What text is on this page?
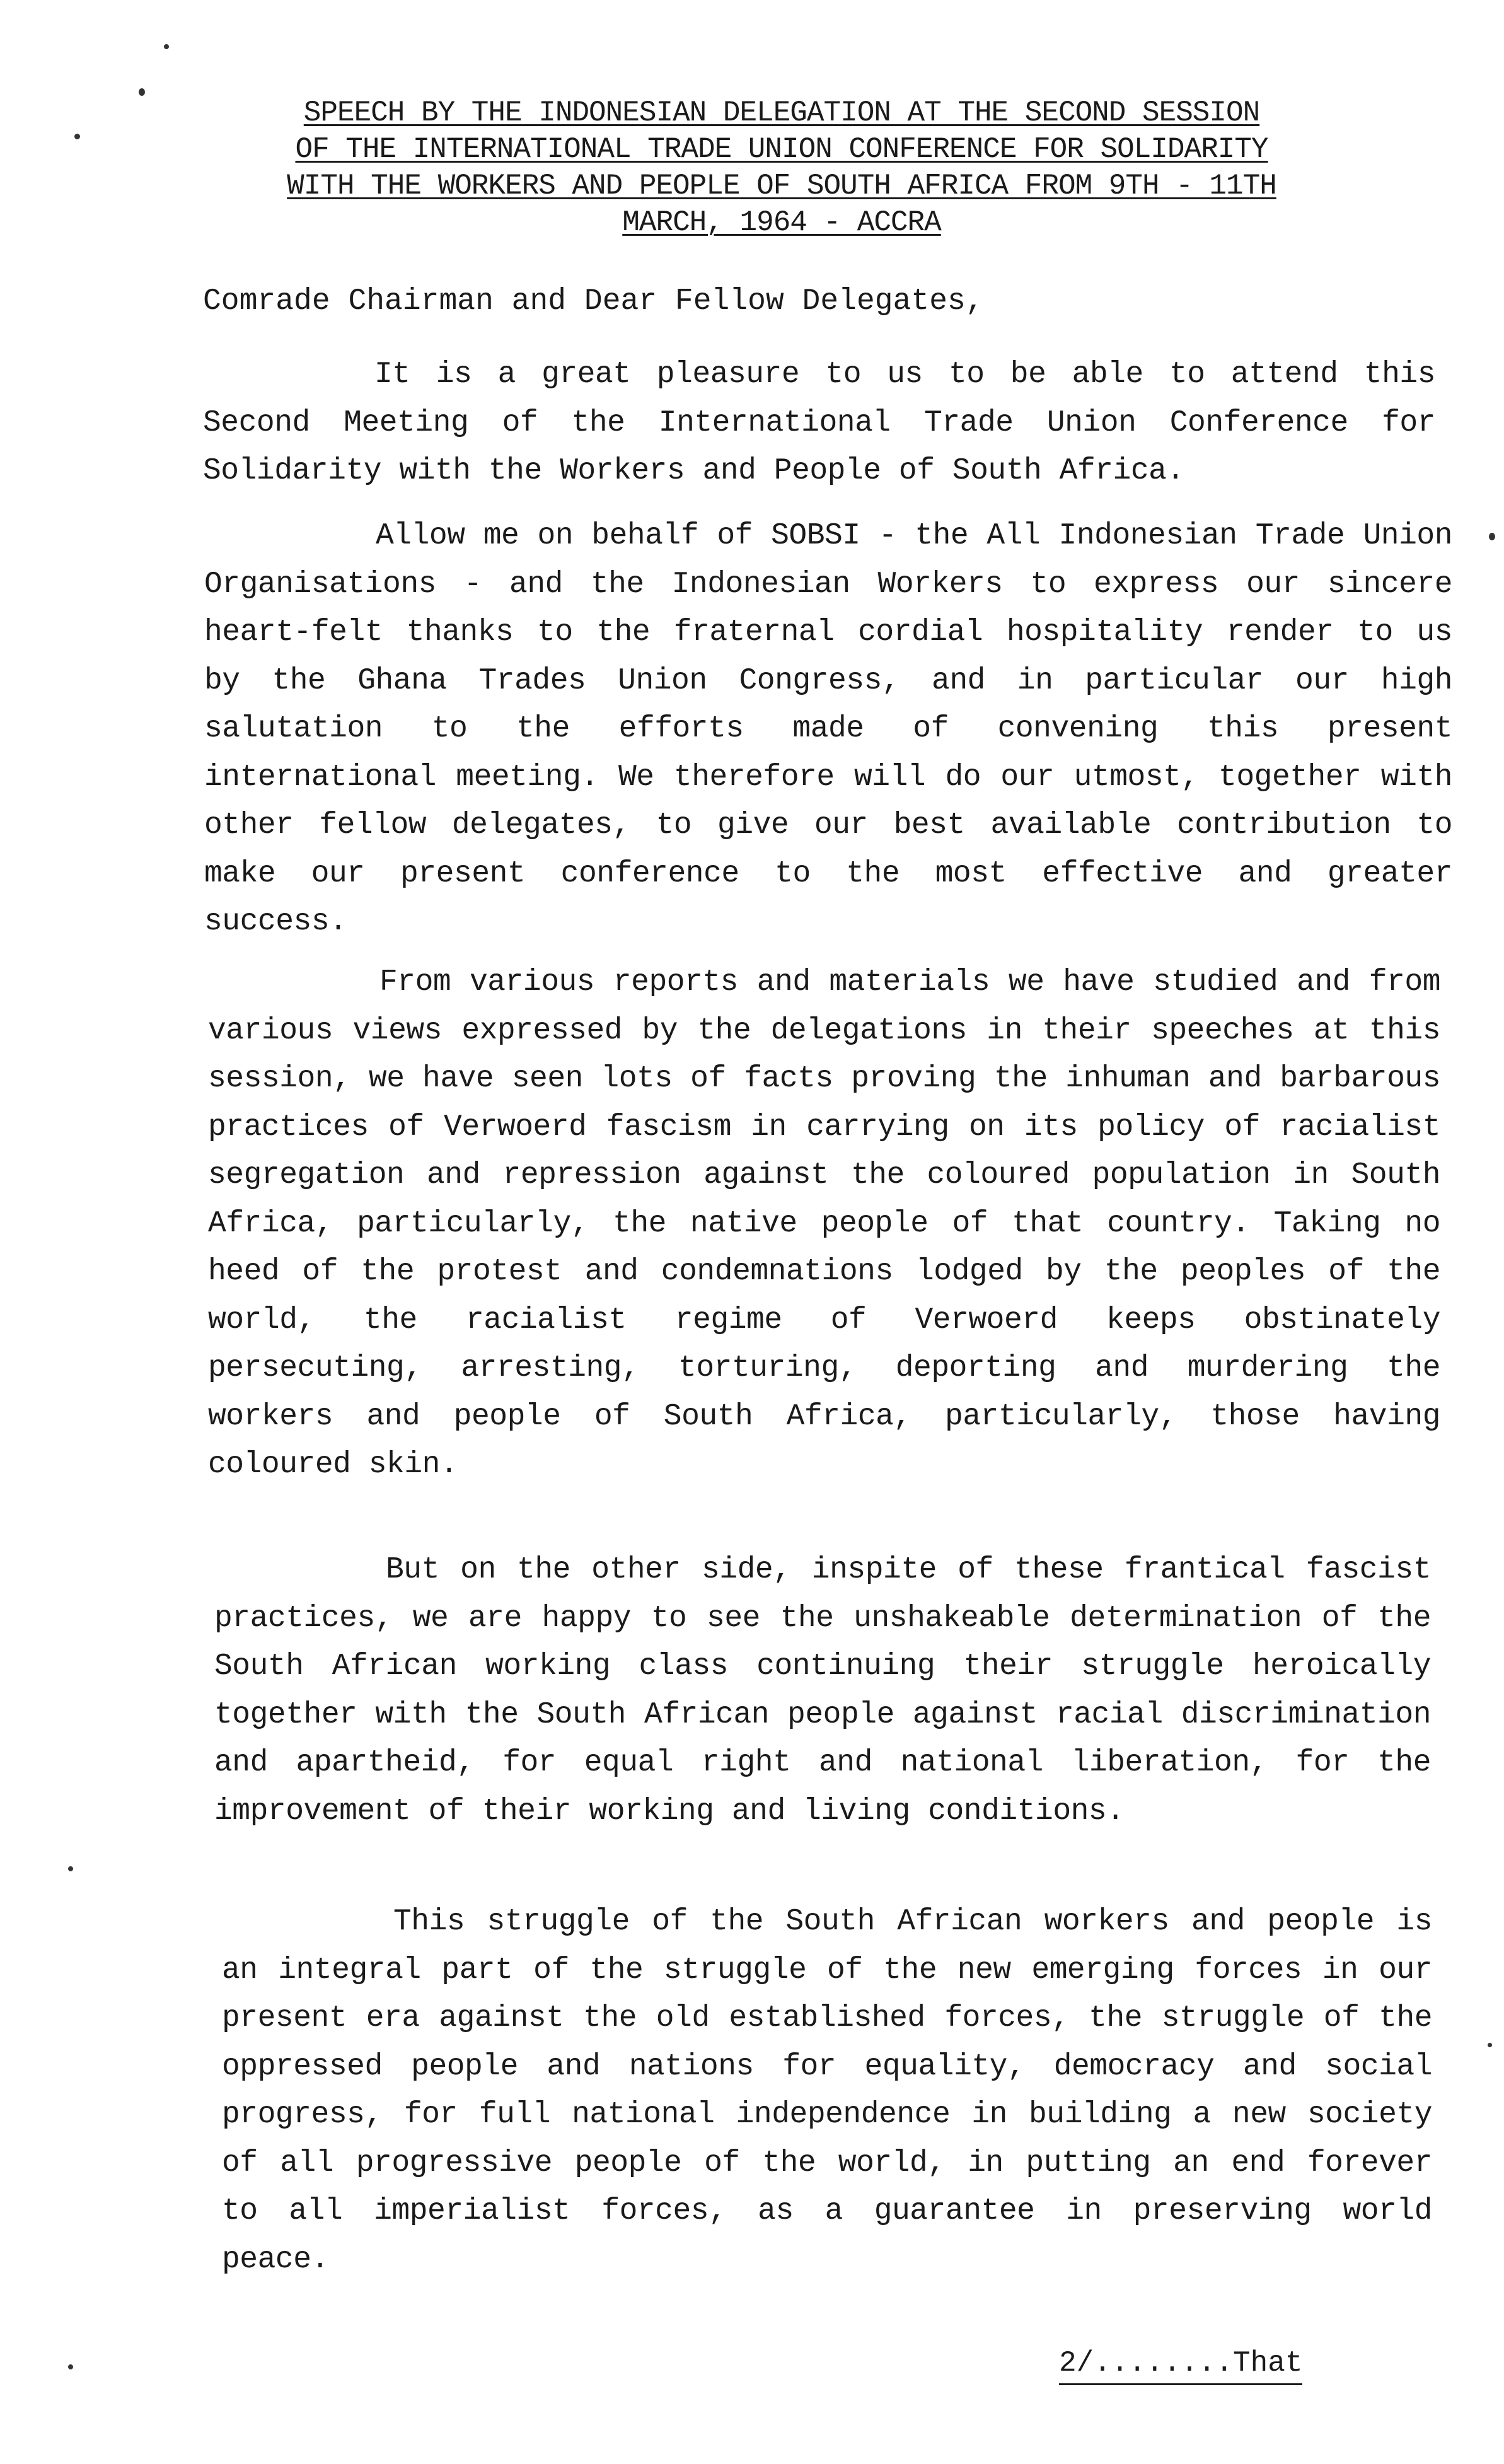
SPEECH BY THE INDONESIAN DELEGATION AT THE SECOND SESSION
OF THE INTERNATIONAL TRADE UNION CONFERENCE FOR SOLIDARITY
WITH THE WORKERS AND PEOPLE OF SOUTH AFRICA FROM 9TH - 11TH
MARCH, 1964 - ACCRA

Comrade Chairman and Dear Fellow Delegates,

It is a great pleasure to us to be able to attend this Second Meeting of the International Trade Union Conference for Solidarity with the Workers and People of South Africa.

Allow me on behalf of SOBSI - the All Indonesian Trade Union Organisations - and the Indonesian Workers to express our sincere heart-felt thanks to the fraternal cordial hospitality render to us by the Ghana Trades Union Congress, and in particular our high salutation to the efforts made of convening this present international meeting. We therefore will do our utmost, together with other fellow delegates, to give our best available contribution to make our present conference to the most effective and greater success.

From various reports and materials we have studied and from various views expressed by the delegations in their speeches at this session, we have seen lots of facts proving the inhuman and barbarous practices of Verwoerd fascism in carrying on its policy of racialist segregation and repression against the coloured population in South Africa, particularly, the native people of that country. Taking no heed of the protest and condemnations lodged by the peoples of the world, the racialist regime of Verwoerd keeps obstinately persecuting, arresting, torturing, deporting and murdering the workers and people of South Africa, particularly, those having coloured skin.

But on the other side, inspite of these frantical fascist practices, we are happy to see the unshakeable determination of the South African working class continuing their struggle heroically together with the South African people against racial discrimination and apartheid, for equal right and national liberation, for the improvement of their working and living conditions.

This struggle of the South African workers and people is an integral part of the struggle of the new emerging forces in our present era against the old established forces, the struggle of the oppressed people and nations for equality, democracy and social progress, for full national independence in building a new society of all progressive people of the world, in putting an end forever to all imperialist forces, as a guarantee in preserving world peace.

2/........That
